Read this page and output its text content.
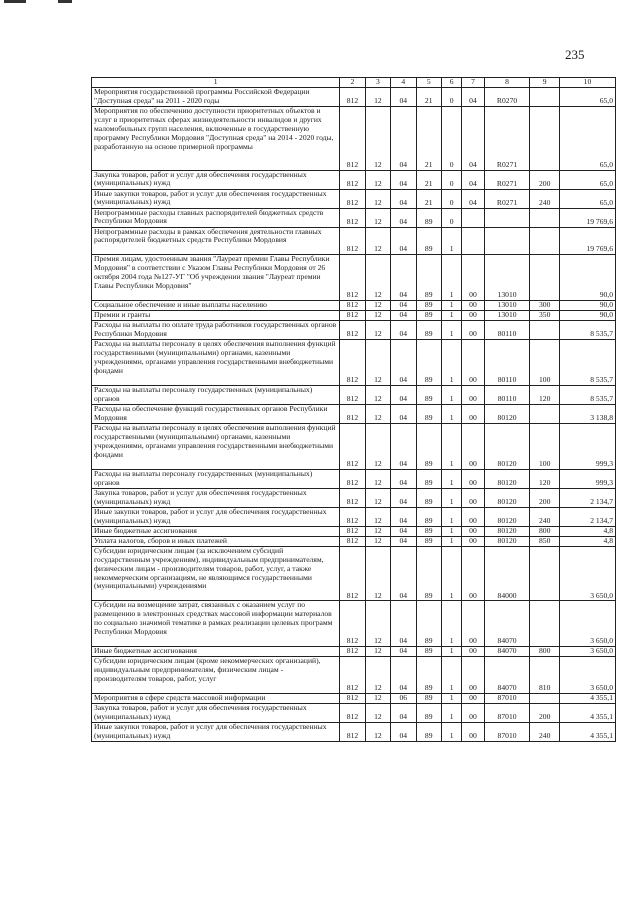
235
1	2	3	4	5	6	7	8	9	10
Мероприятия государственной программы Российской Федерации "Доступная среда" на 2011 - 2020 годы	812	12	04	21	0	04	R0270		65,0
Мероприятия по обеспечению доступности приоритетных объектов и услуг в приоритетных сферах жизнедеятельности инвалидов и других маломобильных групп населения, включенные в государственную программу Республики Мордовия "Доступная среда" на 2014 - 2020 годы, разработанную на основе примерной программы	812	12	04	21	0	04	R0271		65,0
Закупка товаров, работ и услуг для обеспечения государственных (муниципальных) нужд	812	12	04	21	0	04	R0271	200	65,0
Иные закупки товаров, работ и услуг для обеспечения государственных (муниципальных) нужд	812	12	04	21	0	04	R0271	240	65,0
Непрограммные расходы главных распорядителей бюджетных средств Республики Мордовия	812	12	04	89	0				19 769,6
Непрограммные расходы в рамках обеспечения деятельности главных распорядителей бюджетных средств Республики Мордовия	812	12	04	89	1				19 769,6
Премия лицам, удостоенным звания "Лауреат премии Главы Республики Мордовия" в соответствии с Указом Главы Республики Мордовия от 26 октября 2004 года №127-УГ "Об учреждении звания "Лауреат премии Главы Республики Мордовия"	812	12	04	89	1	00	13010		90,0
Социальное обеспечение и иные выплаты населению	812	12	04	89	1	00	13010	300	90,0
Премии и гранты	812	12	04	89	1	00	13010	350	90,0
Расходы на выплаты по оплате труда работников государственных органов Республики Мордовия	812	12	04	89	1	00	80110		8 535,7
Расходы на выплаты персоналу в целях обеспечения выполнения функций государственными (муниципальными) органами, казенными учреждениями, органами управления государственными внебюджетными фондами	812	12	04	89	1	00	80110	100	8 535,7
Расходы на выплаты персоналу государственных (муниципальных) органов	812	12	04	89	1	00	80110	120	8 535,7
Расходы на обеспечение функций государственных органов Республики Мордовия	812	12	04	89	1	00	80120		3 138,8
Расходы на выплаты персоналу в целях обеспечения выполнения функций государственными (муниципальными) органами, казенными учреждениями, органами управления государственными внебюджетными фондами	812	12	04	89	1	00	80120	100	999,3
Расходы на выплаты персоналу государственных (муниципальных) органов	812	12	04	89	1	00	80120	120	999,3
Закупка товаров, работ и услуг для обеспечения государственных (муниципальных) нужд	812	12	04	89	1	00	80120	200	2 134,7
Иные закупки товаров, работ и услуг для обеспечения государственных (муниципальных) нужд	812	12	04	89	1	00	80120	240	2 134,7
Иные бюджетные ассигнования	812	12	04	89	1	00	80120	800	4,8
Уплата налогов, сборов и иных платежей	812	12	04	89	1	00	80120	850	4,8
Субсидии юридическим лицам (за исключением субсидий государственным учреждениям), индивидуальным предпринимателям, физическим лицам - производителям товаров, работ, услуг, а также некоммерческим организациям, не являющимся государственными (муниципальными) учреждениями	812	12	04	89	1	00	84000		3 650,0
Субсидии на возмещение затрат, связанных с оказанием услуг по размещению в электронных средствах массовой информации материалов по социально значимой тематике в рамках реализации целевых программ Республики Мордовия	812	12	04	89	1	00	84070		3 650,0
Иные бюджетные ассигнования	812	12	04	89	1	00	84070	800	3 650,0
Субсидии юридическим лицам (кроме некоммерческих организаций), индивидуальным предпринимателям, физическим лицам - производителям товаров, работ, услуг	812	12	04	89	1	00	84070	810	3 650,0
Мероприятия в сфере средств массовой информации	812	12	06	89	1	00	87010		4 355,1
Закупка товаров, работ и услуг для обеспечения государственных (муниципальных) нужд	812	12	04	89	1	00	87010	200	4 355,1
Иные закупки товаров, работ и услуг для обеспечения государственных (муниципальных) нужд	812	12	04	89	1	00	87010	240	4 355,1
